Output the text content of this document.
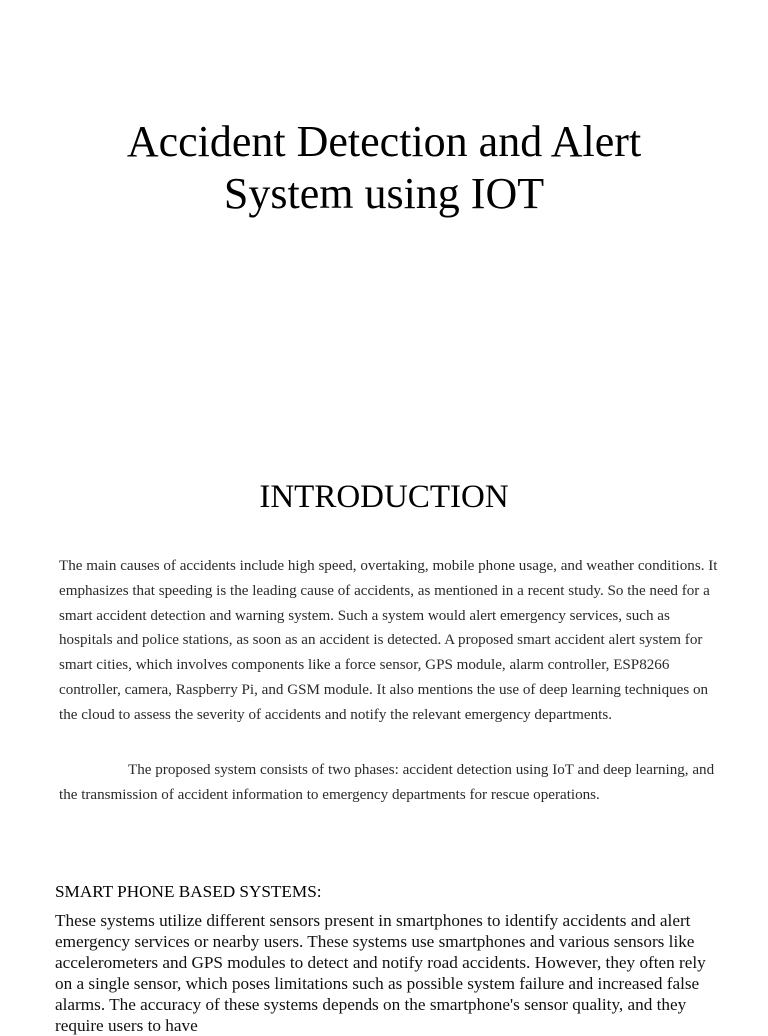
Accident Detection and Alert System using IOT
INTRODUCTION

The main causes of accidents include high speed, overtaking, mobile phone usage, and weather conditions. It emphasizes that speeding is the leading cause of accidents, as mentioned in a recent study. So the need for a smart accident detection and warning system. Such a system would alert emergency services, such as hospitals and police stations, as soon as an accident is detected. A proposed smart accident alert system for smart cities, which involves components like a force sensor, GPS module, alarm controller, ESP8266 controller, camera, Raspberry Pi, and GSM module. It also mentions the use of deep learning techniques on the cloud to assess the severity of accidents and notify the relevant emergency departments.

The proposed system consists of two phases: accident detection using IoT and deep learning, and the transmission of accident information to emergency departments for rescue operations.

SMART PHONE BASED SYSTEMS:

These systems utilize different sensors present in smartphones to identify accidents and alert emergency services or nearby users. These systems use smartphones and various sensors like accelerometers and GPS modules to detect and notify road accidents. However, they often rely on a single sensor, which poses limitations such as possible system failure and increased false alarms. The accuracy of these systems depends on the smartphone's sensor quality, and they require users to have
